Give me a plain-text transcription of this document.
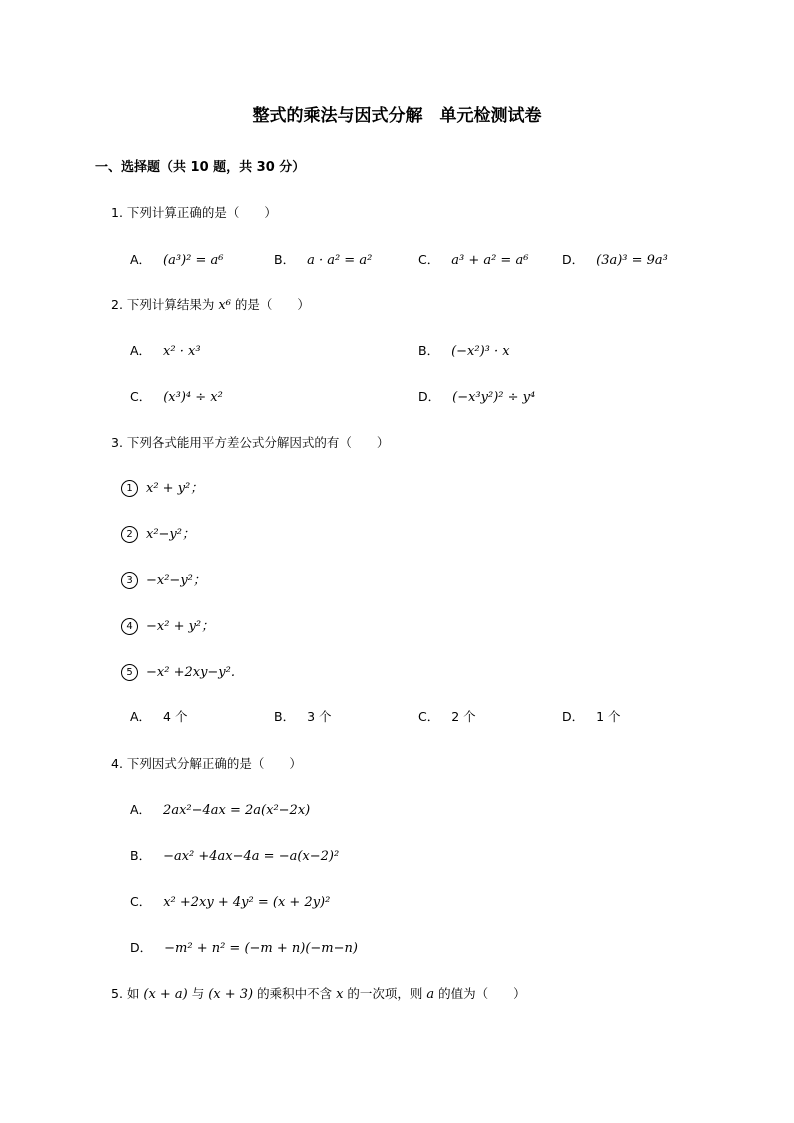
整式的乘法与因式分解　单元检测试卷
一、选择题（共 10 题，共 30 分）
1. 下列计算正确的是（　　）
A． (a³)² = a⁶	B． a · a² = a²	C． a³ + a² = a⁶	D． (3a)³ = 9a³
2. 下列计算结果为 x⁶ 的是（　　）
A． x² · x³	B． (−x²)³ · x
C． (x³)⁴ ÷ x²	D． (−x³y²)² ÷ y⁴
3. 下列各式能用平方差公式分解因式的有（　　）
1 x² + y²；
2 x²−y²；
3 −x²−y²；
4 −x² + y²；
5 −x² +2xy−y².
A． 4 个	B． 3 个	C． 2 个	D． 1 个
4. 下列因式分解正确的是（　　）
A． 2ax²−4ax = 2a(x²−2x)
B． −ax² +4ax−4a = −a(x−2)²
C． x² +2xy + 4y² = (x + 2y)²
D． −m² + n² = (−m + n)(−m−n)
5. 如 (x + a) 与 (x + 3) 的乘积中不含 x 的一次项，则 a 的值为（　　）
